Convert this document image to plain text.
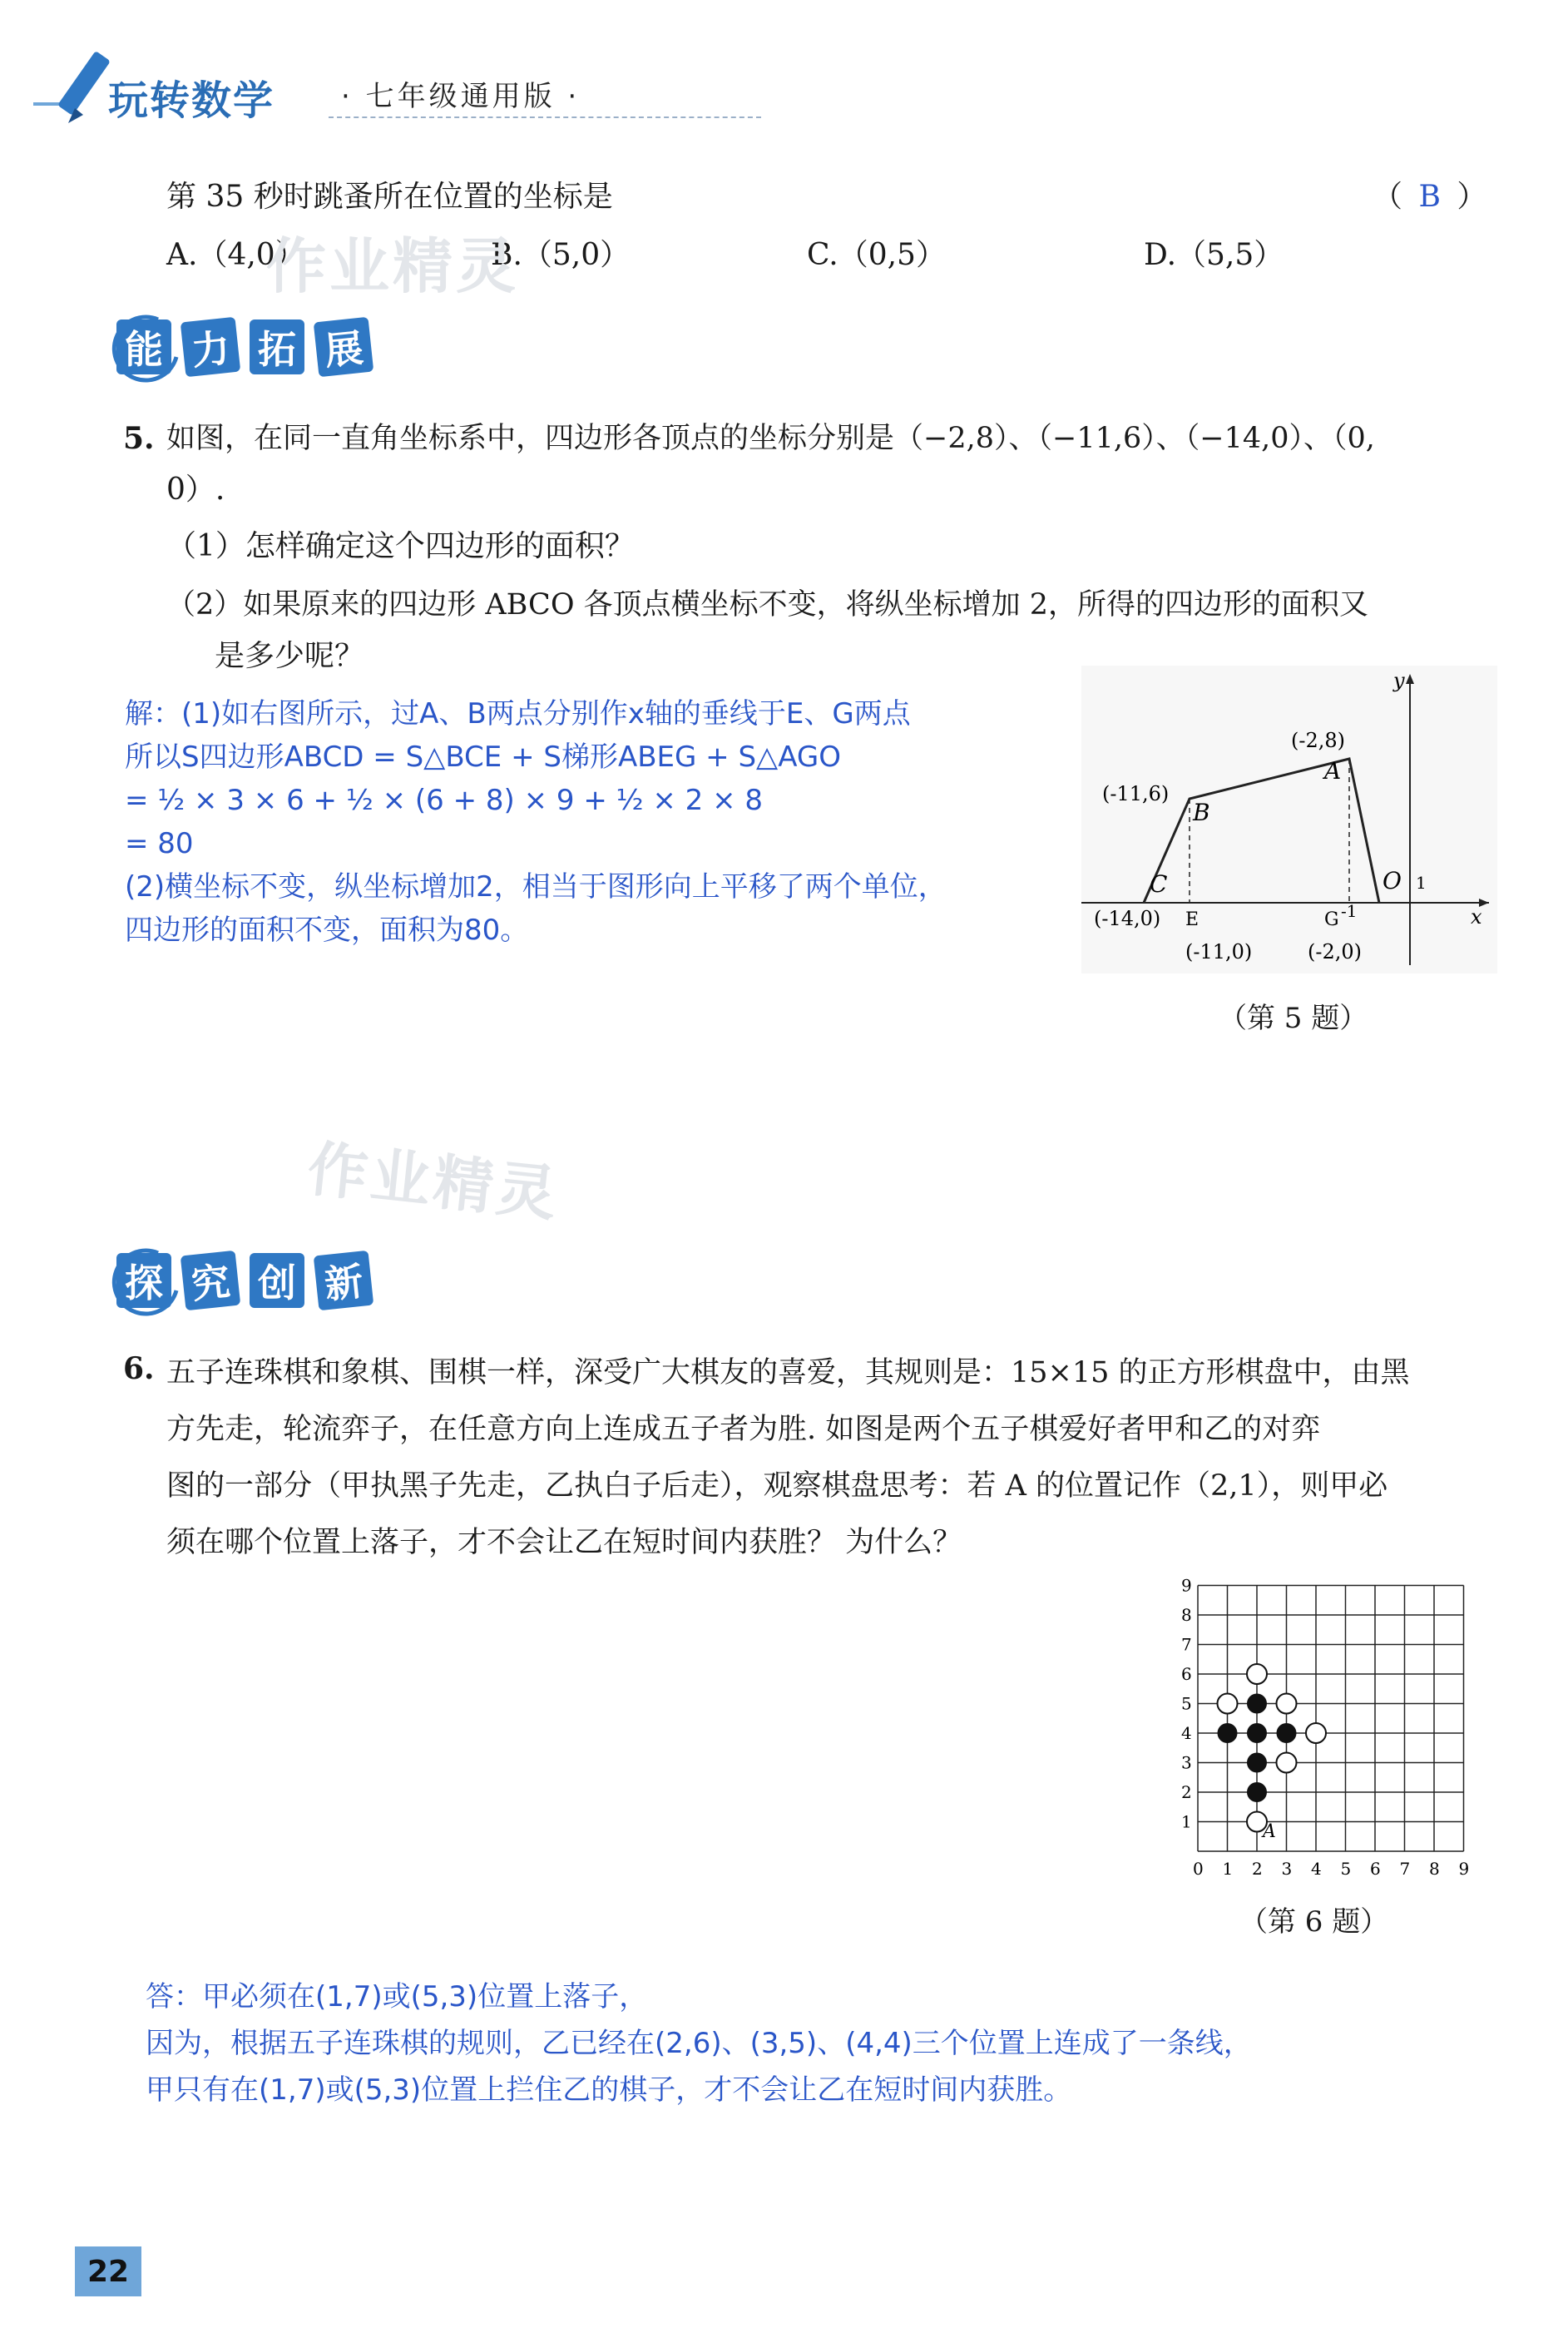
玩转数学 · 七年级通用版 ·
第 35 秒时跳蚤所在位置的坐标是	（ B ）
A.（4,0）	B.（5,0）	C.（0,5）	D.（5,5）
作业精灵
能 力 拓 展
5. 如图，在同一直角坐标系中，四边形各顶点的坐标分别是（−2,8）、（−11,6）、（−14,0）、（0,
0）.
（1）怎样确定这个四边形的面积？
（2）如果原来的四边形 ABCO 各顶点横坐标不变，将纵坐标增加 2，所得的四边形的面积又
是多少呢？
解：(1)如右图所示，过A、B两点分别作x轴的垂线于E、G两点
所以S四边形ABCD = S△BCE + S梯形ABEG + S△AGO
= ½ × 3 × 6 + ½ × (6 + 8) × 9 + ½ × 2 × 8
= 80
(2)横坐标不变，纵坐标增加2，相当于图形向上平移了两个单位，
四边形的面积不变，面积为80。
y
x
A
B
C	O
E	G
1
-1
(-2,8)
(-11,6)
(-14,0)
(-11,0)	(-2,0)
（第 5 题）
作业精灵
探 究 创 新
6. 五子连珠棋和象棋、围棋一样，深受广大棋友的喜爱，其规则是：15×15 的正方形棋盘中，由黑
方先走，轮流弈子，在任意方向上连成五子者为胜. 如图是两个五子棋爱好者甲和乙的对弈
图的一部分（甲执黑子先走，乙执白子后走），观察棋盘思考：若 A 的位置记作（2,1），则甲必
须在哪个位置上落子，才不会让乙在短时间内获胜？ 为什么？
0 1
1
2
2
3
3
4
4
5
5
6
6
7
7
8
8
9
9
A
（第 6 题）
答：甲必须在(1,7)或(5,3)位置上落子，
因为，根据五子连珠棋的规则，乙已经在(2,6)、(3,5)、(4,4)三个位置上连成了一条线，
甲只有在(1,7)或(5,3)位置上拦住乙的棋子，才不会让乙在短时间内获胜。
22
